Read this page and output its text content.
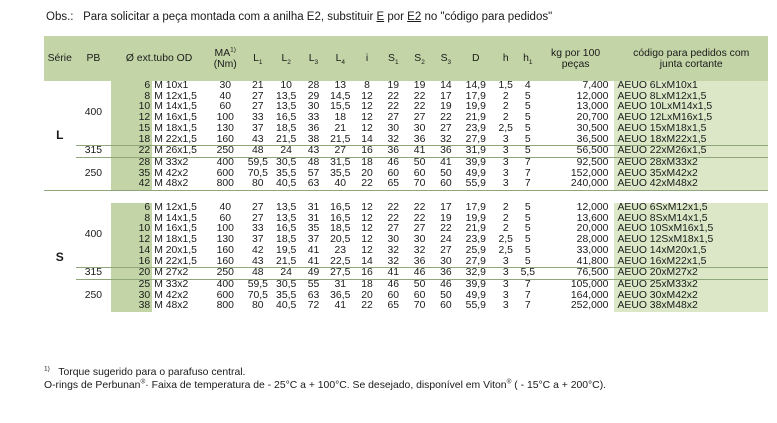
Obs.: Para solicitar a peça montada com a anilha E2, substituir E por E2 no "código para pedidos"
Série	PB	Ø ext.tubo OD		MA$^{1)}$
(Nm)	$L_1$	$L_2$	$L_3$	$L_4$	i	$S_1$	$S_2$	$S_3$	D	h	$h_1$	kg por 100 peças	código para pedidos com junta cortante
L	400	6	M 10x1	30	21	10	28	13	8	19	19	14	14,9	1,5	4	7,400	AEUO 6LxM10x1
		8	M 12x1,5	40	27	13,5	29	14,5	12	22	22	17	17,9	2	5	12,000	AEUO 8LxM12x1,5
		10	M 14x1,5	60	27	13,5	30	15,5	12	22	22	19	19,9	2	5	13,000	AEUO 10LxM14x1,5
		12	M 16x1,5	100	33	16,5	33	18	12	27	27	22	21,9	2	5	20,700	AEUO 12LxM16x1,5
		15	M 18x1,5	130	37	18,5	36	21	12	30	30	27	23,9	2,5	5	30,500	AEUO 15xM18x1,5
		18	M 22x1,5	160	43	21,5	38	21,5	14	32	36	32	27,9	3	5	36,500	AEUO 18xM22x1,5
	315	22	M 26x1,5	250	48	24	43	27	16	36	41	36	31,9	3	5	56,500	AEUO 22xM26x1,5
	250	28	M 33x2	400	59,5	30,5	48	31,5	18	46	50	41	39,9	3	7	92,500	AEUO 28xM33x2
		35	M 42x2	600	70,5	35,5	57	35,5	20	60	60	50	49,9	3	7	152,000	AEUO 35xM42x2
		42	M 48x2	800	80	40,5	63	40	22	65	70	60	55,9	3	7	240,000	AEUO 42xM48x2

S	400	6	M 12x1,5	40	27	13,5	31	16,5	12	22	22	17	17,9	2	5	12,000	AEUO 6SxM12x1,5
		8	M 14x1,5	60	27	13,5	31	16,5	12	22	22	19	19,9	2	5	13,600	AEUO 8SxM14x1,5
		10	M 16x1,5	100	33	16,5	35	18,5	12	27	27	22	21,9	2	5	20,000	AEUO 10SxM16x1,5
		12	M 18x1,5	130	37	18,5	37	20,5	12	30	30	24	23,9	2,5	5	28,000	AEUO 12SxM18x1,5
		14	M 20x1,5	160	42	19,5	41	23	12	32	32	27	25,9	2,5	5	33,000	AEUO 14xM20x1,5
		16	M 22x1,5	160	43	21,5	41	22,5	14	32	36	30	27,9	3	5	41,800	AEUO 16xM22x1,5
	315	20	M 27x2	250	48	24	49	27,5	16	41	46	36	32,9	3	5,5	76,500	AEUO 20xM27x2
	250	25	M 33x2	400	59,5	30,5	55	31	18	46	50	46	39,9	3	7	105,000	AEUO 25xM33x2
		30	M 42x2	600	70,5	35,5	63	36,5	20	60	60	50	49,9	3	7	164,000	AEUO 30xM42x2
		38	M 48x2	800	80	40,5	72	41	22	65	70	60	55,9	3	7	252,000	AEUO 38xM48x2
$^{1)}$ Torque sugerido para o parafuso central.
O-rings de Perbunan®· Faixa de temperatura de - 25°C a + 100°C. Se desejado, disponível em Viton® ( - 15°C a + 200°C).
